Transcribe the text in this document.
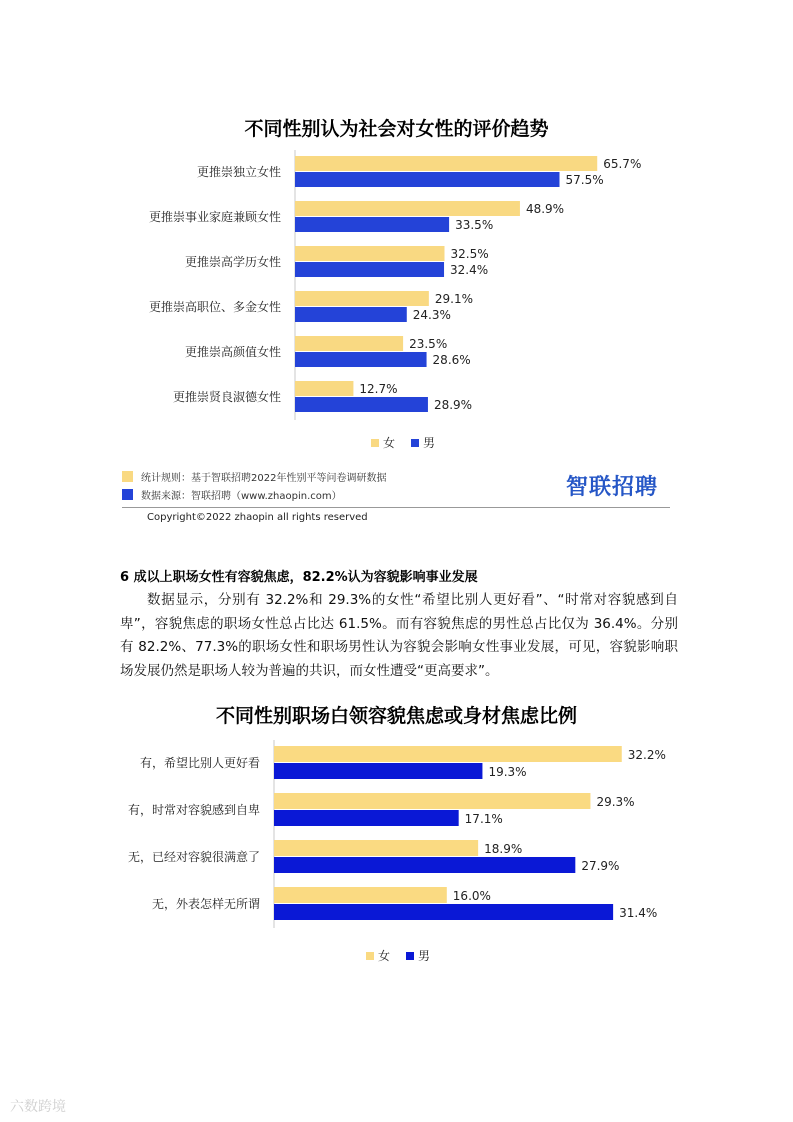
不同性别认为社会对女性的评价趋势
更推崇独立女性
65.7%
57.5%
更推崇事业家庭兼顾女性
48.9%
33.5%
更推崇高学历女性
32.5%
32.4%
更推崇高职位、多金女性
29.1%
24.3%
更推崇高颜值女性
23.5%
28.6%
更推崇贤良淑德女性
12.7%
28.9%
女 男
统计规则：基于智联招聘2022年性别平等问卷调研数据
数据来源：智联招聘（www.zhaopin.com）	智联招聘
Copyright©2022 zhaopin all rights reserved
6 成以上职场女性有容貌焦虑，82.2%认为容貌影响事业发展
数据显示，分别有 32.2%和 29.3%的女性“希望比别人更好看”、“时常对容貌感到自卑”，容貌焦虑的职场女性总占比达 61.5%。而有容貌焦虑的男性总占比仅为 36.4%。分别有 82.2%、77.3%的职场女性和职场男性认为容貌会影响女性事业发展，可见，容貌影响职场发展仍然是职场人较为普遍的共识，而女性遭受“更高要求”。
不同性别职场白领容貌焦虑或身材焦虑比例
有，希望比别人更好看
32.2%
19.3%
有，时常对容貌感到自卑
29.3%
17.1%
无，已经对容貌很满意了
18.9%
27.9%
无，外表怎样无所谓
16.0%
31.4%
女 男
六数跨境
